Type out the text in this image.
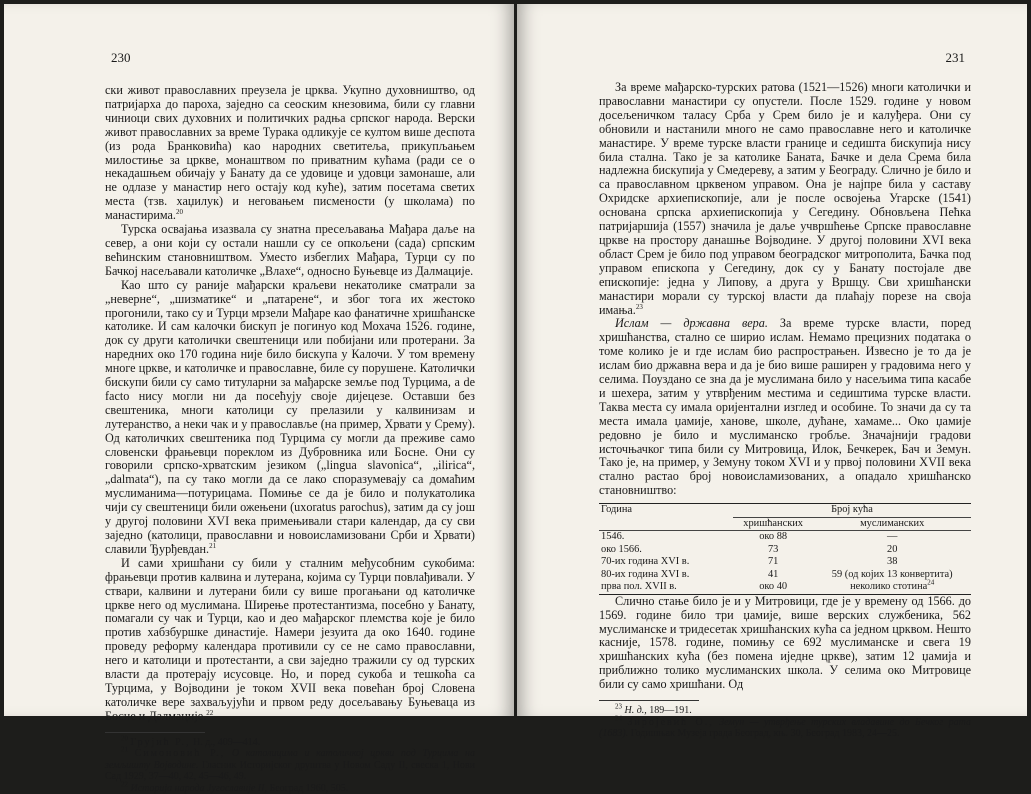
230

ски живот православних преузела је црква. Укупно духовништво, од патријарха до пароха, заједно са сеоским кнезовима, били су главни чиниоци свих духовних и политичких радња српског народа. Верски живот православних за време Турака одликује се култом више деспота (из рода Бранковића) као народних светитеља, прикупљањем милостиње за цркве, монаштвом по приватним кућама (ради се о некадашњем обичају у Банату да се удовице и удовци замонаше, али не одлазе у манастир него остају код куће), затим посетама светих места (тзв. хаџилук) и неговањем писмености (у школама) по манастирима.$^{20}$

Турска освајања изазвала су знатна пресељавања Мађара даље на север, а они који су остали нашли су се опкољени (сада) српским већинским становништвом. Уместо избеглих Мађара, Турци су по Бачкој насељавали католичке „Влахе“, односно Буњевце из Далмације.

Као што су раније мађарски краљеви некатолике сматрали за „неверне“, „шизматике“ и „патарене“, и због тога их жестоко прогонили, тако су и Турци мрзели Мађаре као фанатичне хришћанске католике. И сам калочки бискуп је погинуо код Мохача 1526. године, док су други католички свештеници или побијани или протерани. За наредних око 170 година није било бискупа у Калочи. У том времену многе цркве, и католичке и православне, биле су порушене. Католички бискупи били су само титуларни за мађарске земље под Турцима, а de facto нису могли ни да посећују своје дијецезе. Оставши без свештеника, многи католици су прелазили у калвинизам и лутеранство, а неки чак и у православље (на пример, Хрвати у Срему). Од католичких свештеника под Турцима су могли да преживе само словенски фрањевци пореклом из Дубровника или Босне. Они су говорили српско-хрватским језиком („lingua slavonica“, „ilirica“, „dalmata“), па су тако могли да се лако споразумевају са домаћим муслиманима—потурицама. Помиње се да је било и полукатолика чији су свештеници били ожењени (uxoratus parochus), затим да су још у другој половини XVI века примењивали стари календар, да су сви заједно (католици, православни и новоисламизовани Срби и Хрвати) славили Ђурђевдан.$^{21}$

И сами хришћани су били у сталним међусобним сукобима: фрањевци против калвина и лутерана, којима су Турци повлађивали. У ствари, калвини и лутерани били су више прогањани од католичке цркве него од муслимана. Ширење протестантизма, посебно у Банату, помагали су чак и Турци, као и део мађарског племства које је било против хабзбуршке династије. Намери језуита да око 1640. године проведу реформу календара противили су се не само православни, него и католици и протестанти, а сви заједно тражили су од турских власти да протерају исусовце. Но, и поред сукоба и тешкоћа са Турцима, у Војводини је током XVII века повећан број Словена католичке вере захваљујући и првом реду досељавању Буњеваца из Босне и Далмације.$^{22}$

$^{20}$ Грујић Р., Н. д., 409—414.

$^{21}$ Симоновић Р., О католицима и католичкој цркви под Турцима на земљишту Војводине. Гласник Историјског друштва у Новом Саду II, свеска 1, Нови Сад 1929, 37—40, 42, 45—46, 49.

$^{22}$ Историја народа Југославије II, Београд 1960, 505.

231

За време мађарско-турских ратова (1521—1526) многи католички и православни манастири су опустели. После 1529. године у новом досељеничком таласу Срба у Срем било је и калуђера. Они су обновили и настанили много не само православне него и католичке манастире. У време турске власти границе и седишта бискупија нису била стална. Тако је за католике Баната, Бачке и дела Срема била надлежна бискупија у Смедереву, а затим у Београду. Слично је било и са православном црквеном управом. Она је најпре била у саставу Охридске архиепископије, али је после освојења Угарске (1541) основана српска архиепископија у Сегедину. Обновљена Пећка патријаршија (1557) значила је даље учвршћење Српске православне цркве на простору данашње Војводине. У другој половини XVI века област Срем је било под управом београдског митрополита, Бачка под управом епископа у Сегедину, док су у Банату постојале две епископије: једна у Липову, а друга у Вршцу. Сви хришћански манастири морали су турској власти да плаћају порезе на своја имања.$^{23}$

Ислам — државна вера. За време турске власти, поред хришћанства, стално се ширио ислам. Немамо прецизних података о томе колико је и где ислам био распрострањен. Извесно је то да је ислам био државна вера и да је био више раширен у градовима него у селима. Поуздано се зна да је муслимана било у насељима типа касабе и шехера, затим у утврђеним местима и седиштима турске власти. Таква места су имала оријентални изглед и особине. То значи да су та места имала џамије, ханове, школе, дућане, хамаме... Око џамије редовно је било и муслиманско гробље. Значајнији градови источњачког типа били су Митровица, Илок, Бечкерек, Бач и Земун. Тако је, на пример, у Земуну током XVI и у првој половини XVII века стално растао број новоисламизованих, а опадало хришћанско становништво:

Година	Број кућа	
	хришћанских	муслиманских
1546.	око 88	—
око 1566.	73	20
70-их година XVI в.	71	38
80-их година XVI в.	41	59 (од којих 13 конвертита)
прва пол. XVII в.	око 40	неколико стотина$^{24}$

Слично стање било је и у Митровици, где је у времену од 1566. до 1569. године било три џамије, више верских службеника, 562 муслиманске и тридесетак хришћанских кућа са једном црквом. Нешто касније, 1578. године, помињу се 692 муслиманске и свега 19 хришћанских кућа (без помена иједне цркве), затим 12 џамија и приближно толико муслиманских школа. У селима око Митровице били су само хришћани. Од

$^{23}$ Н. д., 189—191.

$^{24}$ Зироjевић О., Земун — утврђење турских владавине до Бечког рата (1683). Годишњак Музеја града Београд, књ. 30, Београд 1983, 24—25.
